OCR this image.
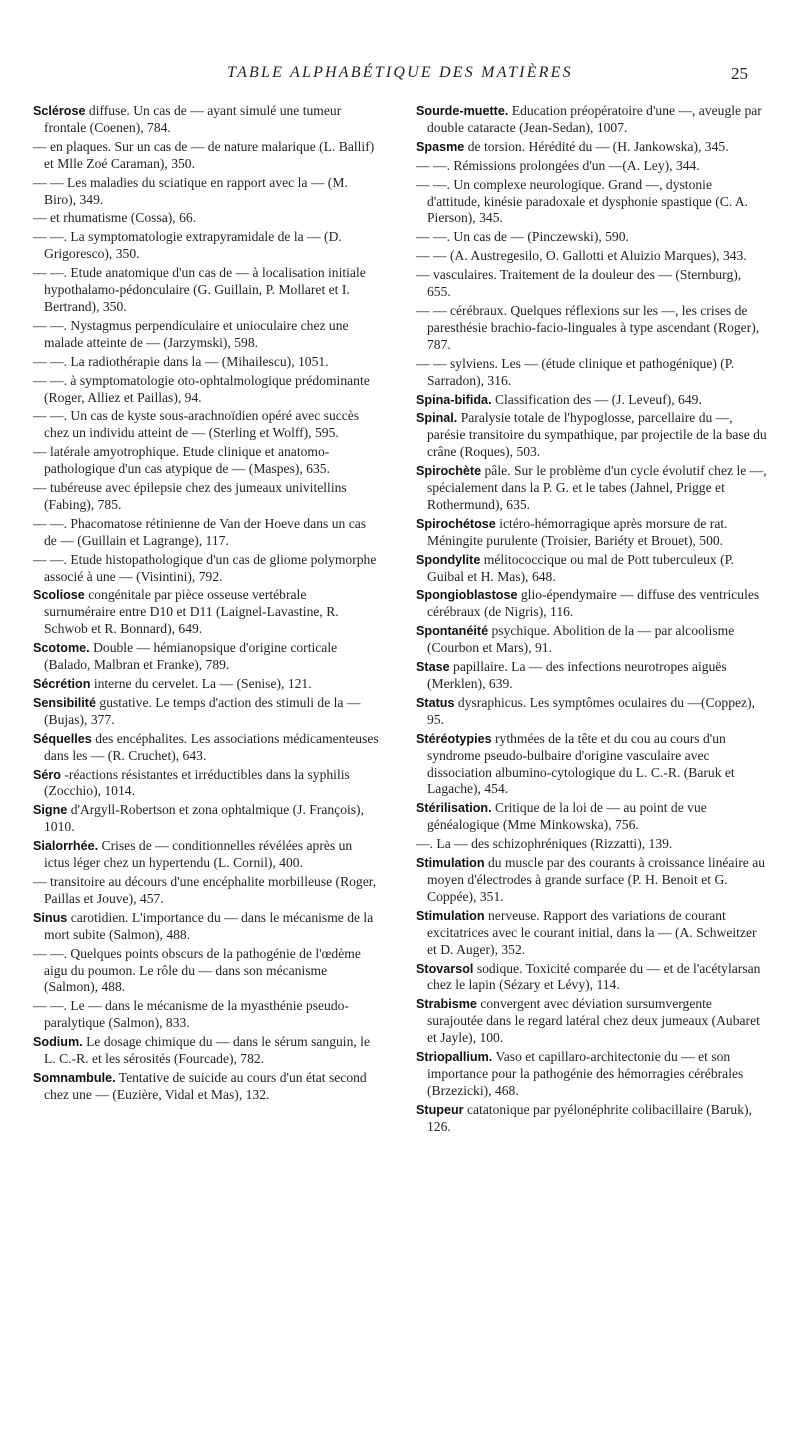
TABLE ALPHABÉTIQUE DES MATIÈRES	25

Sclérose diffuse. Un cas de — ayant simulé une tumeur frontale (Coenen), 784.

— en plaques. Sur un cas de — de nature malarique (L. Ballif) et Mlle Zoé Caraman), 350.

— — Les maladies du sciatique en rapport avec la — (M. Biro), 349.

— et rhumatisme (Cossa), 66.

— —. La symptomatologie extrapyramidale de la — (D. Grigoresco), 350.

— —. Etude anatomique d'un cas de — à localisation initiale hypothalamo-pédonculaire (G. Guillain, P. Mollaret et I. Bertrand), 350.

— —. Nystagmus perpendiculaire et unioculaire chez une malade atteinte de — (Jarzymski), 598.

— —. La radiothérapie dans la — (Mihailescu), 1051.

— —. à symptomatologie oto-ophtalmologique prédominante (Roger, Alliez et Paillas), 94.

— —. Un cas de kyste sous-arachnoïdien opéré avec succès chez un individu atteint de — (Sterling et Wolff), 595.

— latérale amyotrophique. Etude clinique et anatomo-pathologique d'un cas atypique de — (Maspes), 635.

— tubéreuse avec épilepsie chez des jumeaux univitellins (Fabing), 785.

— —. Phacomatose rétinienne de Van der Hoeve dans un cas de — (Guillain et Lagrange), 117.

— —. Etude histopathologique d'un cas de gliome polymorphe associé à une — (Visintini), 792.

Scoliose congénitale par pièce osseuse vertébrale surnuméraire entre D10 et D11 (Laignel-Lavastine, R. Schwob et R. Bonnard), 649.

Scotome. Double — hémianopsique d'origine corticale (Balado, Malbran et Franke), 789.

Sécrétion interne du cervelet. La — (Senise), 121.

Sensibilité gustative. Le temps d'action des stimuli de la — (Bujas), 377.

Séquelles des encéphalites. Les associations médicamenteuses dans les — (R. Cruchet), 643.

Séro -réactions résistantes et irréductibles dans la syphilis (Zocchio), 1014.

Signe d'Argyll-Robertson et zona ophtalmique (J. François), 1010.

Sialorrhée. Crises de — conditionnelles révélées après un ictus léger chez un hypertendu (L. Cornil), 400.

— transitoire au décours d'une encéphalite morbilleuse (Roger, Paillas et Jouve), 457.

Sinus carotidien. L'importance du — dans le mécanisme de la mort subite (Salmon), 488.

— —. Quelques points obscurs de la pathogénie de l'œdème aigu du poumon. Le rôle du — dans son mécanisme (Salmon), 488.

— —. Le — dans le mécanisme de la myasthénie pseudo-paralytique (Salmon), 833.

Sodium. Le dosage chimique du — dans le sérum sanguin, le L. C.-R. et les sérosités (Fourcade), 782.

Somnambule. Tentative de suicide au cours d'un état second chez une — (Euzière, Vidal et Mas), 132.

Sourde-muette. Education préopératoire d'une —, aveugle par double cataracte (Jean-Sedan), 1007.

Spasme de torsion. Hérédité du — (H. Jankowska), 345.

— —. Rémissions prolongées d'un —(A. Ley), 344.

— —. Un complexe neurologique. Grand —, dystonie d'attitude, kinésie paradoxale et dysphonie spastique (C. A. Pierson), 345.

— —. Un cas de — (Pinczewski), 590.

— — (A. Austregesilo, O. Gallotti et Aluizio Marques), 343.

— vasculaires. Traitement de la douleur des — (Sternburg), 655.

— — cérébraux. Quelques réflexions sur les —, les crises de paresthésie brachio-facio-linguales à type ascendant (Roger), 787.

— — sylviens. Les — (étude clinique et pathogénique) (P. Sarradon), 316.

Spina-bifida. Classification des — (J. Leveuf), 649.

Spinal. Paralysie totale de l'hypoglosse, parcellaire du —, parésie transitoire du sympathique, par projectile de la base du crâne (Roques), 503.

Spirochète pâle. Sur le problème d'un cycle évolutif chez le —, spécialement dans la P. G. et le tabes (Jahnel, Prigge et Rothermund), 635.

Spirochétose ictéro-hémorragique après morsure de rat. Méningite purulente (Troisier, Bariéty et Brouet), 500.

Spondylite mélitococcique ou mal de Pott tuberculeux (P. Guibal et H. Mas), 648.

Spongioblastose glio-épendymaire — diffuse des ventricules cérébraux (de Nigris), 116.

Spontanéité psychique. Abolition de la — par alcoolisme (Courbon et Mars), 91.

Stase papillaire. La — des infections neurotropes aiguës (Merklen), 639.

Status dysraphicus. Les symptômes oculaires du —(Coppez), 95.

Stéréotypies rythmées de la tête et du cou au cours d'un syndrome pseudo-bulbaire d'origine vasculaire avec dissociation albumino-cytologique du L. C.-R. (Baruk et Lagache), 454.

Stérilisation. Critique de la loi de — au point de vue généalogique (Mme Minkowska), 756.

—. La — des schizophréniques (Rizzatti), 139.

Stimulation du muscle par des courants à croissance linéaire au moyen d'électrodes à grande surface (P. H. Benoit et G. Coppée), 351.

Stimulation nerveuse. Rapport des variations de courant excitatrices avec le courant initial, dans la — (A. Schweitzer et D. Auger), 352.

Stovarsol sodique. Toxicité comparée du — et de l'acétylarsan chez le lapin (Sézary et Lévy), 114.

Strabisme convergent avec déviation sursumvergente surajoutée dans le regard latéral chez deux jumeaux (Aubaret et Jayle), 100.

Striopallium. Vaso et capillaro-architectonie du — et son importance pour la pathogénie des hémorragies cérébrales (Brzezicki), 468.

Stupeur catatonique par pyélonéphrite colibacillaire (Baruk), 126.
